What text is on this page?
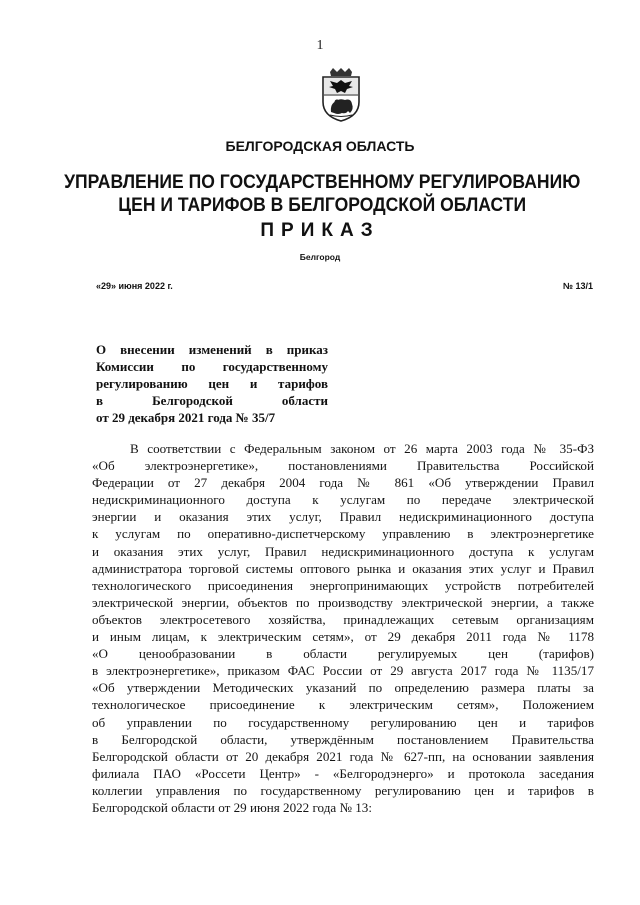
1
БЕЛГОРОДСКАЯ ОБЛАСТЬ
УПРАВЛЕНИЕ ПО ГОСУДАРСТВЕННОМУ РЕГУЛИРОВАНИЮ
ЦЕН И ТАРИФОВ В БЕЛГОРОДСКОЙ ОБЛАСТИ
ПРИКАЗ
Белгород
«29» июня 2022 г.	№ 13/1
О внесении изменений в приказ
Комиссии по государственному
регулированию цен и тарифов
в Белгородской области
от 29 декабря 2021 года № 35/7
В соответствии с Федеральным законом от 26 марта 2003 года № 35-ФЗ
«Об электроэнергетике», постановлениями Правительства Российской
Федерации от 27 декабря 2004 года № 861 «Об утверждении Правил
недискриминационного доступа к услугам по передаче электрической
энергии и оказания этих услуг, Правил недискриминационного доступа
к услугам по оперативно-диспетчерскому управлению в электроэнергетике
и оказания этих услуг, Правил недискриминационного доступа к услугам
администратора торговой системы оптового рынка и оказания этих услуг и Правил
технологического присоединения энергопринимающих устройств потребителей
электрической энергии, объектов по производству электрической энергии, а также
объектов электросетевого хозяйства, принадлежащих сетевым организациям
и иным лицам, к электрическим сетям», от 29 декабря 2011 года № 1178
«О ценообразовании в области регулируемых цен (тарифов)
в электроэнергетике», приказом ФАС России от 29 августа 2017 года № 1135/17
«Об утверждении Методических указаний по определению размера платы за
технологическое присоединение к электрическим сетям», Положением
об управлении по государственному регулированию цен и тарифов
в Белгородской области, утверждённым постановлением Правительства
Белгородской области от 20 декабря 2021 года № 627-пп, на основании заявления
филиала ПАО «Россети Центр» - «Белгородэнерго» и протокола заседания
коллегии управления по государственному регулированию цен и тарифов в
Белгородской области от 29 июня 2022 года № 13:
